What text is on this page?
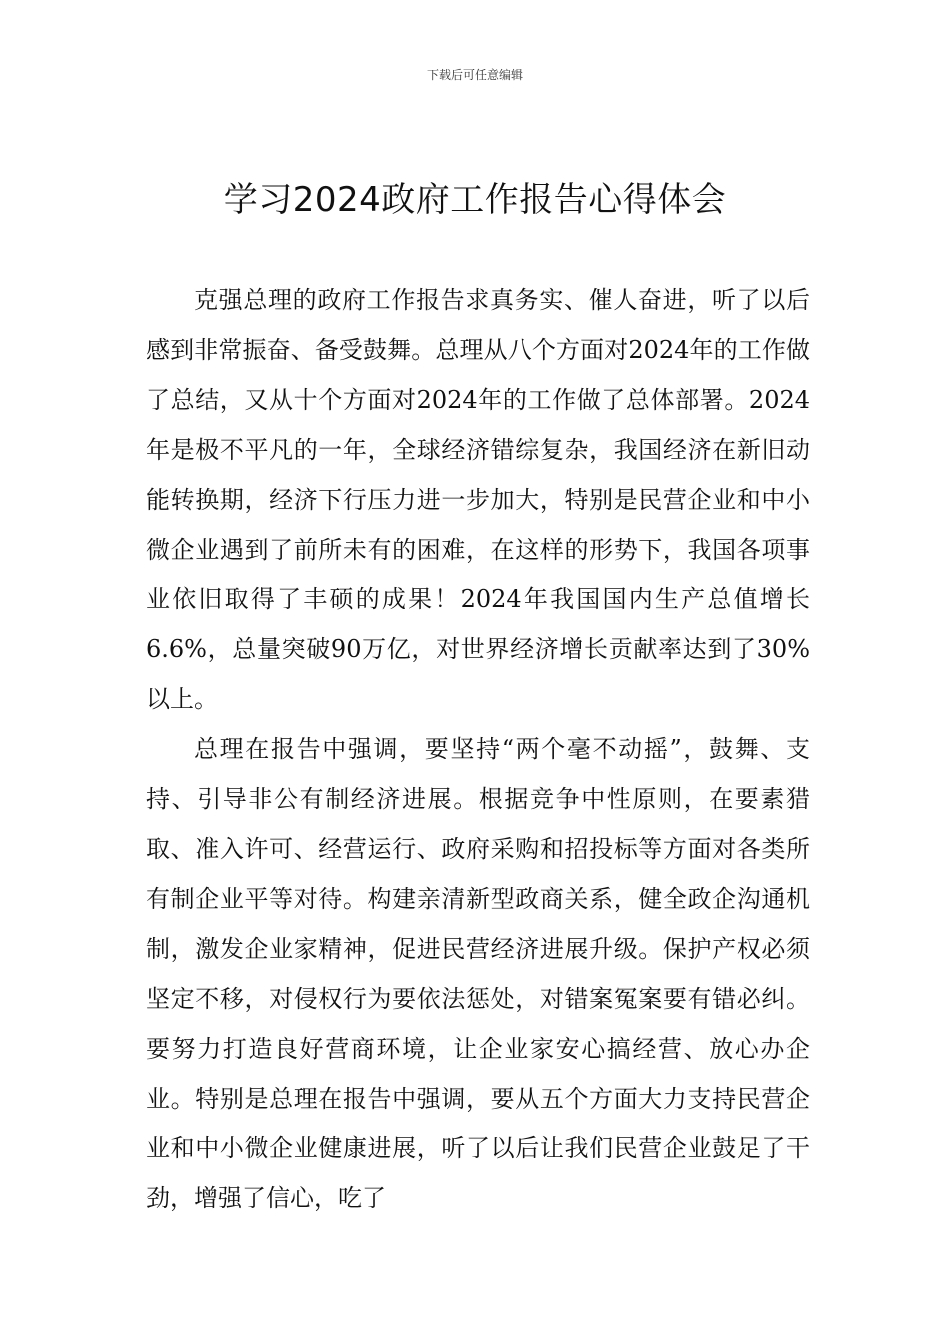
下载后可任意编辑
学习2024政府工作报告心得体会

克强总理的政府工作报告求真务实、催人奋进，听了以后感到非常振奋、备受鼓舞。总理从八个方面对2024年的工作做了总结，又从十个方面对2024年的工作做了总体部署。2024年是极不平凡的一年，全球经济错综复杂，我国经济在新旧动能转换期，经济下行压力进一步加大，特别是民营企业和中小微企业遇到了前所未有的困难，在这样的形势下，我国各项事业依旧取得了丰硕的成果！2024年我国国内生产总值增长6.6%，总量突破90万亿，对世界经济增长贡献率达到了30%以上。

总理在报告中强调，要坚持“两个毫不动摇”，鼓舞、支持、引导非公有制经济进展。根据竞争中性原则，在要素猎取、准入许可、经营运行、政府采购和招投标等方面对各类所有制企业平等对待。构建亲清新型政商关系，健全政企沟通机制，激发企业家精神，促进民营经济进展升级。保护产权必须坚定不移，对侵权行为要依法惩处，对错案冤案要有错必纠。要努力打造良好营商环境，让企业家安心搞经营、放心办企业。特别是总理在报告中强调，要从五个方面大力支持民营企业和中小微企业健康进展，听了以后让我们民营企业鼓足了干劲，增强了信心，吃了
